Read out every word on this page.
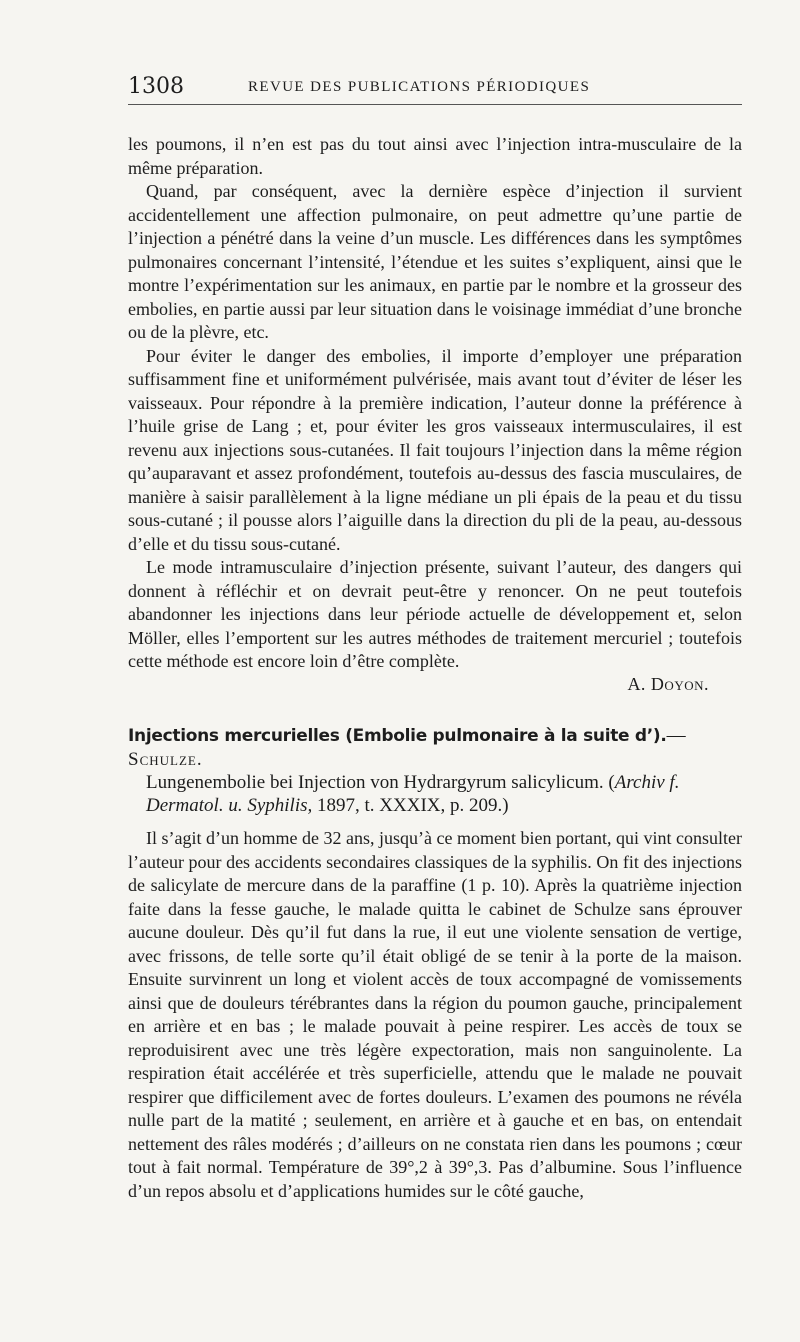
1308	REVUE DES PUBLICATIONS PÉRIODIQUES

les poumons, il n’en est pas du tout ainsi avec l’injection intra-musculaire de la même préparation.

Quand, par conséquent, avec la dernière espèce d’injection il survient accidentellement une affection pulmonaire, on peut admettre qu’une partie de l’injection a pénétré dans la veine d’un muscle. Les différences dans les symptômes pulmonaires concernant l’intensité, l’étendue et les suites s’expliquent, ainsi que le montre l’expérimentation sur les animaux, en partie par le nombre et la grosseur des embolies, en partie aussi par leur situation dans le voisinage immédiat d’une bronche ou de la plèvre, etc.

Pour éviter le danger des embolies, il importe d’employer une préparation suffisamment fine et uniformément pulvérisée, mais avant tout d’éviter de léser les vaisseaux. Pour répondre à la première indication, l’auteur donne la préférence à l’huile grise de Lang ; et, pour éviter les gros vaisseaux intermusculaires, il est revenu aux injections sous-cutanées. Il fait toujours l’injection dans la même région qu’auparavant et assez profondément, toutefois au-dessus des fascia musculaires, de manière à saisir parallèlement à la ligne médiane un pli épais de la peau et du tissu sous-cutané ; il pousse alors l’aiguille dans la direction du pli de la peau, au-dessous d’elle et du tissu sous-cutané.

Le mode intramusculaire d’injection présente, suivant l’auteur, des dangers qui donnent à réfléchir et on devrait peut-être y renoncer. On ne peut toutefois abandonner les injections dans leur période actuelle de développement et, selon Möller, elles l’emportent sur les autres méthodes de traitement mercuriel ; toutefois cette méthode est encore loin d’être complète.

A. Doyon.
Injections mercurielles (Embolie pulmonaire à la suite d’).—Schulze.
Lungenembolie bei Injection von Hydrargyrum salicylicum. (Archiv f. Dermatol. u. Syphilis, 1897, t. XXXIX, p. 209.)

Il s’agit d’un homme de 32 ans, jusqu’à ce moment bien portant, qui vint consulter l’auteur pour des accidents secondaires classiques de la syphilis. On fit des injections de salicylate de mercure dans de la paraffine (1 p. 10). Après la quatrième injection faite dans la fesse gauche, le malade quitta le cabinet de Schulze sans éprouver aucune douleur. Dès qu’il fut dans la rue, il eut une violente sensation de vertige, avec frissons, de telle sorte qu’il était obligé de se tenir à la porte de la maison. Ensuite survinrent un long et violent accès de toux accompagné de vomissements ainsi que de douleurs térébrantes dans la région du poumon gauche, principalement en arrière et en bas ; le malade pouvait à peine respirer. Les accès de toux se reproduisirent avec une très légère expectoration, mais non sanguinolente. La respiration était accélérée et très superficielle, attendu que le malade ne pouvait respirer que difficilement avec de fortes douleurs. L’examen des poumons ne révéla nulle part de la matité ; seulement, en arrière et à gauche et en bas, on entendait nettement des râles modérés ; d’ailleurs on ne constata rien dans les poumons ; cœur tout à fait normal. Température de 39°,2 à 39°,3. Pas d’albumine. Sous l’influence d’un repos absolu et d’applications humides sur le côté gauche,
